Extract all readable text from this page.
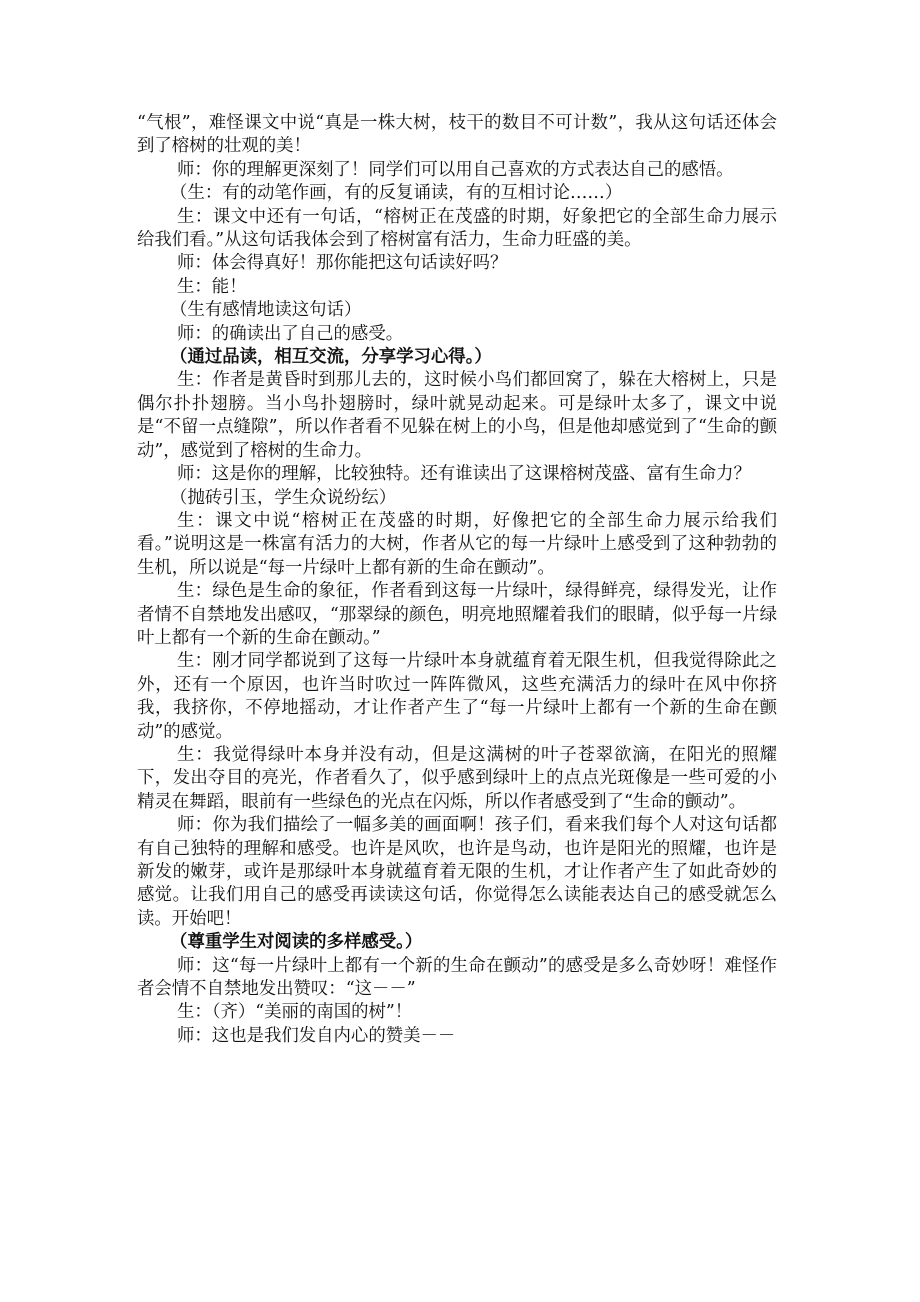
“气根”，难怪课文中说“真是一株大树，枝干的数目不可计数”，我从这句话还体会到了榕树的壮观的美！

师：你的理解更深刻了！同学们可以用自己喜欢的方式表达自己的感悟。

（生：有的动笔作画，有的反复诵读，有的互相讨论……）

生：课文中还有一句话，“榕树正在茂盛的时期，好象把它的全部生命力展示给我们看。”从这句话我体会到了榕树富有活力，生命力旺盛的美。

师：体会得真好！那你能把这句话读好吗？

生：能！

（生有感情地读这句话）

师：的确读出了自己的感受。

（通过品读，相互交流，分享学习心得。）

生：作者是黄昏时到那儿去的，这时候小鸟们都回窝了，躲在大榕树上，只是偶尔扑扑翅膀。当小鸟扑翅膀时，绿叶就晃动起来。可是绿叶太多了，课文中说是“不留一点缝隙”，所以作者看不见躲在树上的小鸟，但是他却感觉到了“生命的颤动”，感觉到了榕树的生命力。

师：这是你的理解，比较独特。还有谁读出了这课榕树茂盛、富有生命力？

（抛砖引玉，学生众说纷纭）

生：课文中说“榕树正在茂盛的时期，好像把它的全部生命力展示给我们看。”说明这是一株富有活力的大树，作者从它的每一片绿叶上感受到了这种勃勃的生机，所以说是“每一片绿叶上都有新的生命在颤动”。

生：绿色是生命的象征，作者看到这每一片绿叶，绿得鲜亮，绿得发光，让作者情不自禁地发出感叹，“那翠绿的颜色，明亮地照耀着我们的眼睛，似乎每一片绿叶上都有一个新的生命在颤动。”

生：刚才同学都说到了这每一片绿叶本身就蕴育着无限生机，但我觉得除此之外，还有一个原因，也许当时吹过一阵阵微风，这些充满活力的绿叶在风中你挤我，我挤你，不停地摇动，才让作者产生了“每一片绿叶上都有一个新的生命在颤动”的感觉。

生：我觉得绿叶本身并没有动，但是这满树的叶子苍翠欲滴，在阳光的照耀下，发出夺目的亮光，作者看久了，似乎感到绿叶上的点点光斑像是一些可爱的小精灵在舞蹈，眼前有一些绿色的光点在闪烁，所以作者感受到了“生命的颤动”。

师：你为我们描绘了一幅多美的画面啊！孩子们，看来我们每个人对这句话都有自己独特的理解和感受。也许是风吹，也许是鸟动，也许是阳光的照耀，也许是新发的嫩芽，或许是那绿叶本身就蕴育着无限的生机，才让作者产生了如此奇妙的感觉。让我们用自己的感受再读读这句话，你觉得怎么读能表达自己的感受就怎么读。开始吧！

（尊重学生对阅读的多样感受。）

师：这“每一片绿叶上都有一个新的生命在颤动”的感受是多么奇妙呀！难怪作者会情不自禁地发出赞叹：“这－－”

生：（齐）“美丽的南国的树”！

师：这也是我们发自内心的赞美－－
